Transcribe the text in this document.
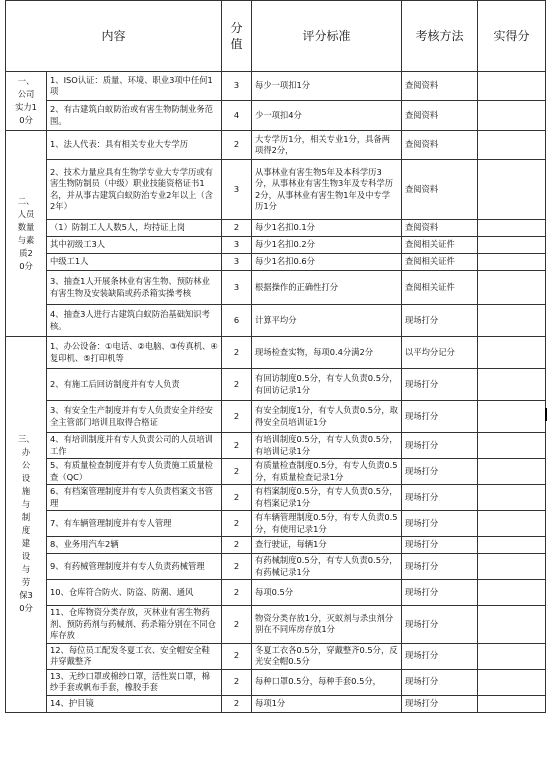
内容		分值	评分标准	考核方法	实得分
一、公司实力10分	1、ISO认证：质量、环境、职业3项中任何1项	3	每少一项扣1分	查阅资料	
	2、有古建筑白蚁防治或有害生物防制业务范围。	4	少一项扣4分	查阅资料	
二、人员数量与素质20分	1、法人代表：具有相关专业大专学历	2	大专学历1分，相关专业1分，具备两项得2分，	查阅资料	
	2、技术力量应具有生物学专业大专学历或有害生物防制员（中级）职业技能资格证书1名，并从事古建筑白蚁防治专业2年以上（含2年）	3	从事林业有害生物5年及本科学历3分，从事林业有害生物3年及专科学历2分，从事林业有害生物1年及中专学历1分	查阅资料	
	（1）防制工人人数5人，均持证上岗	2	每少1名扣0.1分	查阅资料	
	其中初级工3人	3	每少1名扣0.2分	查阅相关证件	
	中级工1人	3	每少1名扣0.6分	查阅相关证件	
	3、抽查1人开展条林业有害生物、预防林业有害生物及安装缺陷或药杀箱实操考核	3	根据操作的正确性打分	查阅相关证件	
	4、抽查3人进行古建筑白蚁防治基础知识考核。	6	计算平均分	现场打分	
三、办公设施与制度建设与劳保30分	1、办公设备：①电话、②电脑、③传真机、④复印机、⑤打印机等	2	现场检查实物，每项0.4分满2分	以平均分记分	
	2、有施工后回访制度并有专人负责	2	有回访制度0.5分，有专人负责0.5分，有回访记录1分	现场打分	
	3、有安全生产制度并有专人负责安全并经安全主管部门培训且取得合格证	2	有安全制度1分，有专人负责0.5分，取得安全员培训证1分	现场打分	
	4、有培训制度并有专人负责公司的人员培训工作	2	有培训制度0.5分，有专人负责0.5分，有培训记录1分	现场打分	
	5、有质量检查制度并有专人负责施工质量检查（QC）	2	有质量检查制度0.5分，有专人负责0.5分，有质量检查记录1分	现场打分	
	6、有档案管理制度并有专人负责档案文书管理	2	有档案制度0.5分，有专人负责0.5分，有档案记录1分	现场打分	
	7、有车辆管理制度并有专人管理	2	有车辆管理制度0.5分，有专人负责0.5分，有使用记录1分	现场打分	
	8、业务用汽车2辆	2	查行驶证，每辆1分	现场打分	
	9、有药械管理制度并有专人负责药械管理	2	有药械制度0.5分，有专人负责0.5分，有药械记录1分	现场打分	
	10、仓库符合防火、防盗、防潮、通风	2	每项0.5分	现场打分	
	11、仓库物资分类存放，灭林业有害生物药剂、预防药剂与药械剂、药杀箱分别在不同仓库存放	2	物资分类存放1分，灭蚁剂与杀虫剂分别在不同库房存放1分	现场打分	
	12、每位员工配发冬夏工衣、安全帽安全鞋并穿戴整齐	2	冬夏工衣各0.5分，穿戴整齐0.5分，反光安全帽0.5分	现场打分	
	13、无纱口罩或棉纱口罩，活性炭口罩，棉纱手套或帆布手套，橡胶手套	2	每种口罩0.5分，每种手套0.5分，	现场打分	
	14、护目镜	2	每项1分	现场打分	
